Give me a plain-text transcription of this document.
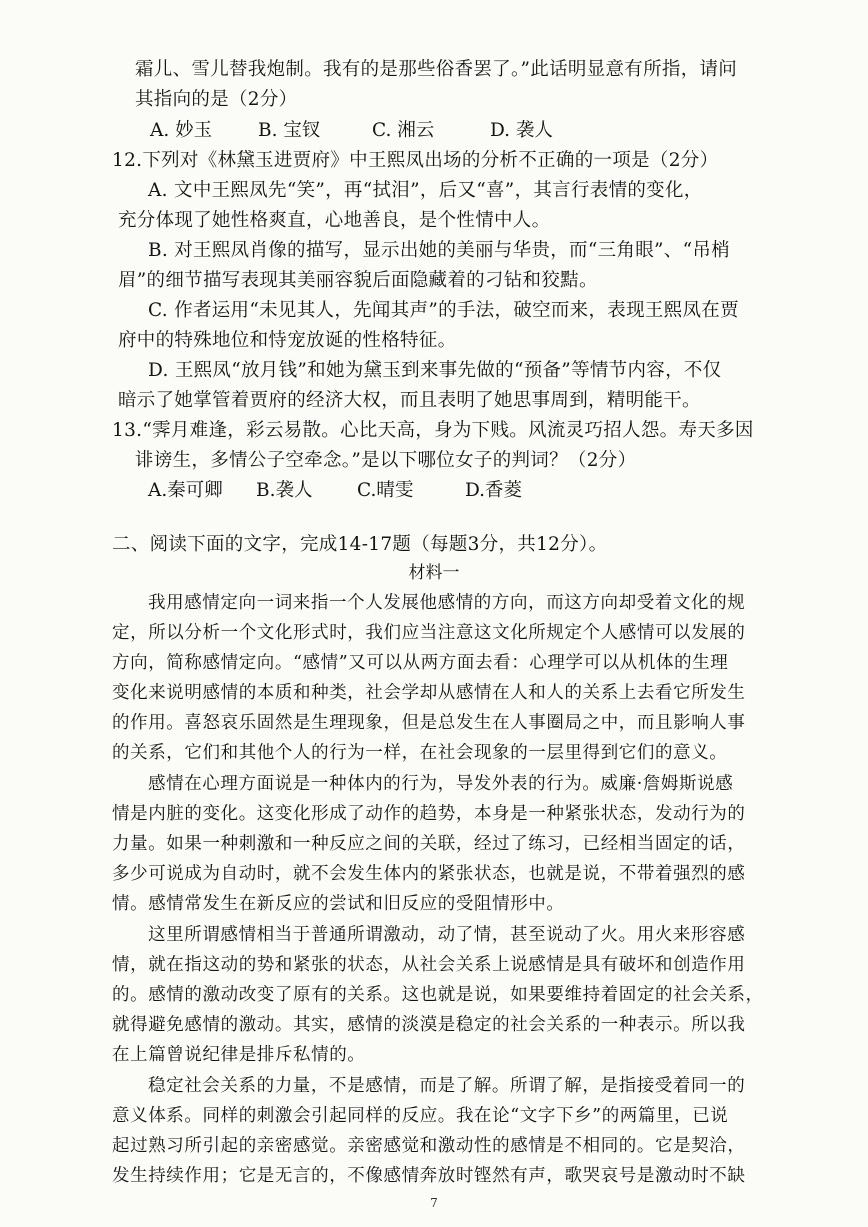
霜儿、雪儿替我炮制。我有的是那些俗香罢了。”此话明显意有所指，请问
其指向的是（2分）
A. 妙玉 B. 宝钗	C. 湘云	D. 袭人
12.下列对《林黛玉进贾府》中王熙凤出场的分析不正确的一项是（2分）
A. 文中王熙凤先“笑”，再“拭泪”，后又“喜”，其言行表情的变化，
充分体现了她性格爽直，心地善良，是个性情中人。
B. 对王熙凤肖像的描写，显示出她的美丽与华贵，而“三角眼”、“吊梢
眉”的细节描写表现其美丽容貌后面隐藏着的刁钻和狡黠。
C. 作者运用“未见其人，先闻其声”的手法，破空而来，表现王熙凤在贾
府中的特殊地位和恃宠放诞的性格特征。
D. 王熙凤“放月钱”和她为黛玉到来事先做的“预备”等情节内容，不仅
暗示了她掌管着贾府的经济大权，而且表明了她思事周到，精明能干。
13.“霁月难逢，彩云易散。心比天高，身为下贱。风流灵巧招人怨。寿天多因
诽谤生，多情公子空牵念。”是以下哪位女子的判词？（2分）
A.秦可卿 B.袭人 C.晴雯	D.香菱
二、阅读下面的文字，完成14-17题（每题3分，共12分）。
材料一
我用感情定向一词来指一个人发展他感情的方向，而这方向却受着文化的规
定，所以分析一个文化形式时，我们应当注意这文化所规定个人感情可以发展的
方向，简称感情定向。“感情”又可以从两方面去看：心理学可以从机体的生理
变化来说明感情的本质和种类，社会学却从感情在人和人的关系上去看它所发生
的作用。喜怒哀乐固然是生理现象，但是总发生在人事圈局之中，而且影响人事
的关系，它们和其他个人的行为一样，在社会现象的一层里得到它们的意义。
感情在心理方面说是一种体内的行为，导发外表的行为。威廉·詹姆斯说感
情是内脏的变化。这变化形成了动作的趋势，本身是一种紧张状态，发动行为的
力量。如果一种刺激和一种反应之间的关联，经过了练习，已经相当固定的话，
多少可说成为自动时，就不会发生体内的紧张状态，也就是说，不带着强烈的感
情。感情常发生在新反应的尝试和旧反应的受阻情形中。
这里所谓感情相当于普通所谓激动，动了情，甚至说动了火。用火来形容感
情，就在指这动的势和紧张的状态，从社会关系上说感情是具有破坏和创造作用
的。感情的激动改变了原有的关系。这也就是说，如果要维持着固定的社会关系，
就得避免感情的激动。其实，感情的淡漠是稳定的社会关系的一种表示。所以我
在上篇曾说纪律是排斥私情的。
稳定社会关系的力量，不是感情，而是了解。所谓了解，是指接受着同一的
意义体系。同样的刺激会引起同样的反应。我在论“文字下乡”的两篇里，已说
起过熟习所引起的亲密感觉。亲密感觉和激动性的感情是不相同的。它是契洽，
发生持续作用；它是无言的，不像感情奔放时铿然有声，歌哭哀号是激动时不缺
7
